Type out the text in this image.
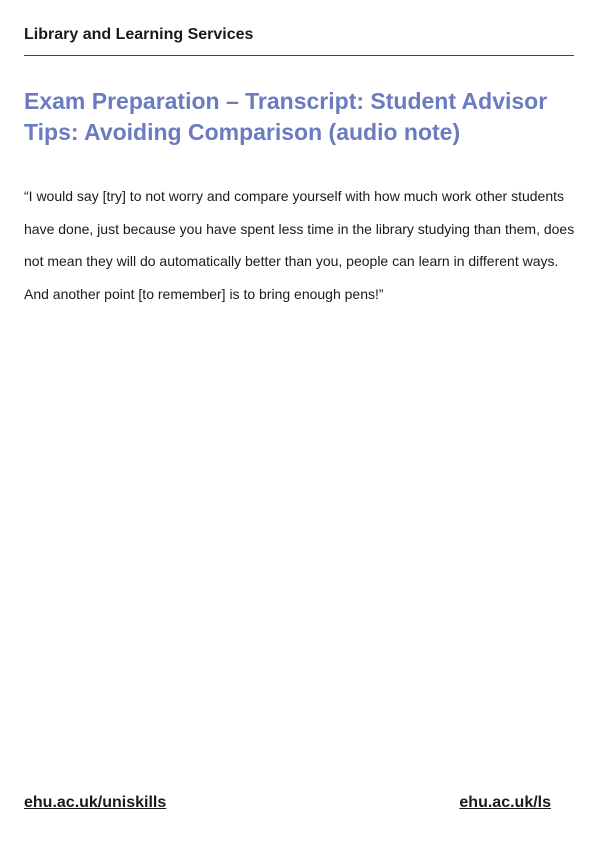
Library and Learning Services
Exam Preparation – Transcript: Student Advisor Tips: Avoiding Comparison (audio note)

“I would say [try] to not worry and compare yourself with how much work other students have done, just because you have spent less time in the library studying than them, does not mean they will do automatically better than you, people can learn in different ways. And another point [to remember] is to bring enough pens!”

ehu.ac.uk/uniskills	ehu.ac.uk/ls
